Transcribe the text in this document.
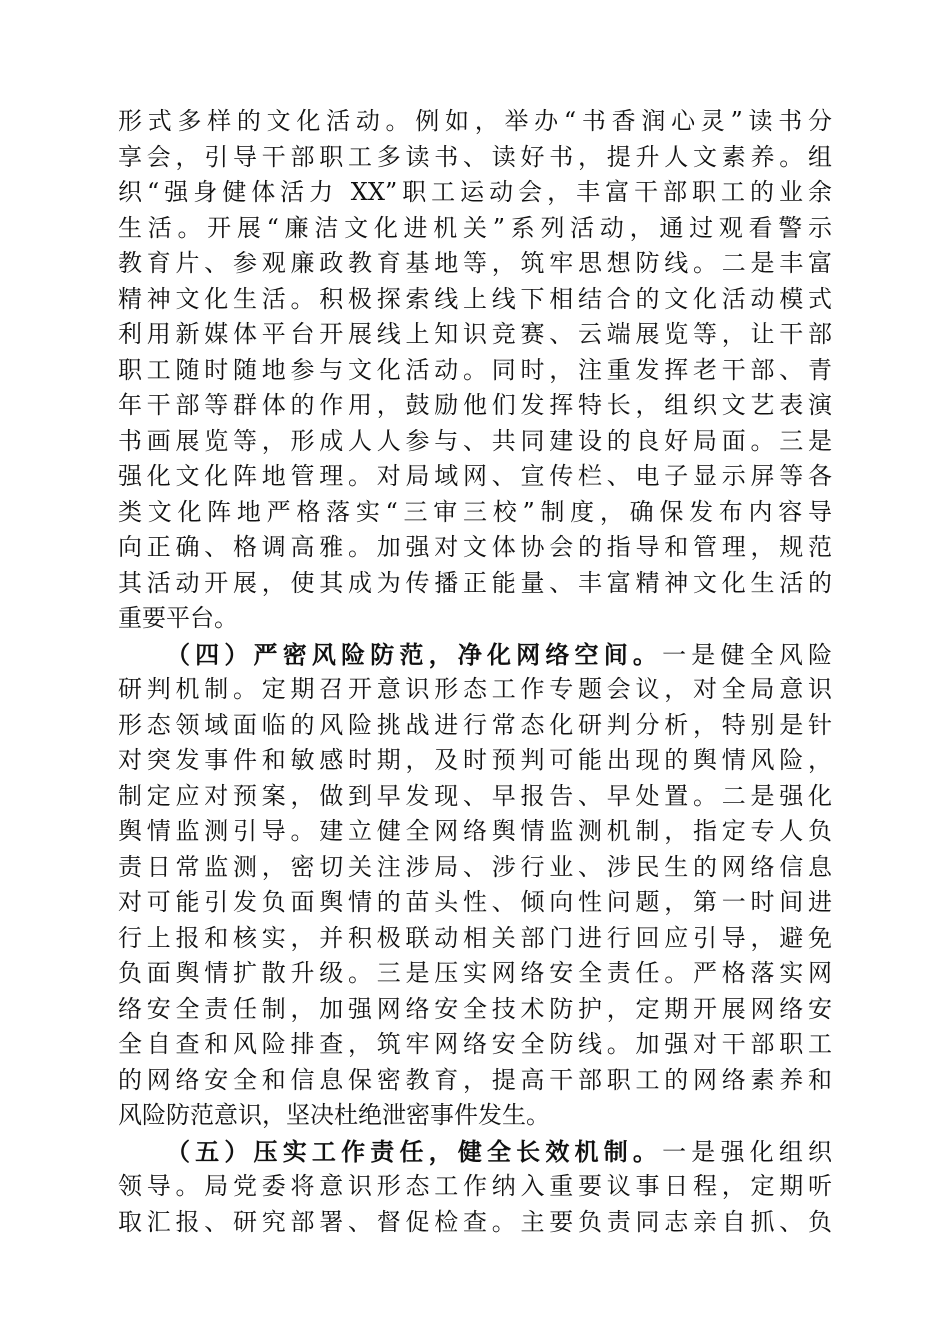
形式多样的文化活动。例如，举办“书香润心灵”读书分
享会，引导干部职工多读书、读好书，提升人文素养。组
织“强身健体活力 XX”职工运动会，丰富干部职工的业余
生活。开展“廉洁文化进机关”系列活动，通过观看警示
教育片、参观廉政教育基地等，筑牢思想防线。二是丰富
精神文化生活。积极探索线上线下相结合的文化活动模式
利用新媒体平台开展线上知识竞赛、云端展览等，让干部
职工随时随地参与文化活动。同时，注重发挥老干部、青
年干部等群体的作用，鼓励他们发挥特长，组织文艺表演
书画展览等，形成人人参与、共同建设的良好局面。三是
强化文化阵地管理。对局域网、宣传栏、电子显示屏等各
类文化阵地严格落实“三审三校”制度，确保发布内容导
向正确、格调高雅。加强对文体协会的指导和管理，规范
其活动开展，使其成为传播正能量、丰富精神文化生活的
重要平台。
（四）严密风险防范，净化网络空间。一是健全风险
研判机制。定期召开意识形态工作专题会议，对全局意识
形态领域面临的风险挑战进行常态化研判分析，特别是针
对突发事件和敏感时期，及时预判可能出现的舆情风险，
制定应对预案，做到早发现、早报告、早处置。二是强化
舆情监测引导。建立健全网络舆情监测机制，指定专人负
责日常监测，密切关注涉局、涉行业、涉民生的网络信息
对可能引发负面舆情的苗头性、倾向性问题，第一时间进
行上报和核实，并积极联动相关部门进行回应引导，避免
负面舆情扩散升级。三是压实网络安全责任。严格落实网
络安全责任制，加强网络安全技术防护，定期开展网络安
全自查和风险排查，筑牢网络安全防线。加强对干部职工
的网络安全和信息保密教育，提高干部职工的网络素养和
风险防范意识，坚决杜绝泄密事件发生。
（五）压实工作责任，健全长效机制。一是强化组织
领导。局党委将意识形态工作纳入重要议事日程，定期听
取汇报、研究部署、督促检查。主要负责同志亲自抓、负
